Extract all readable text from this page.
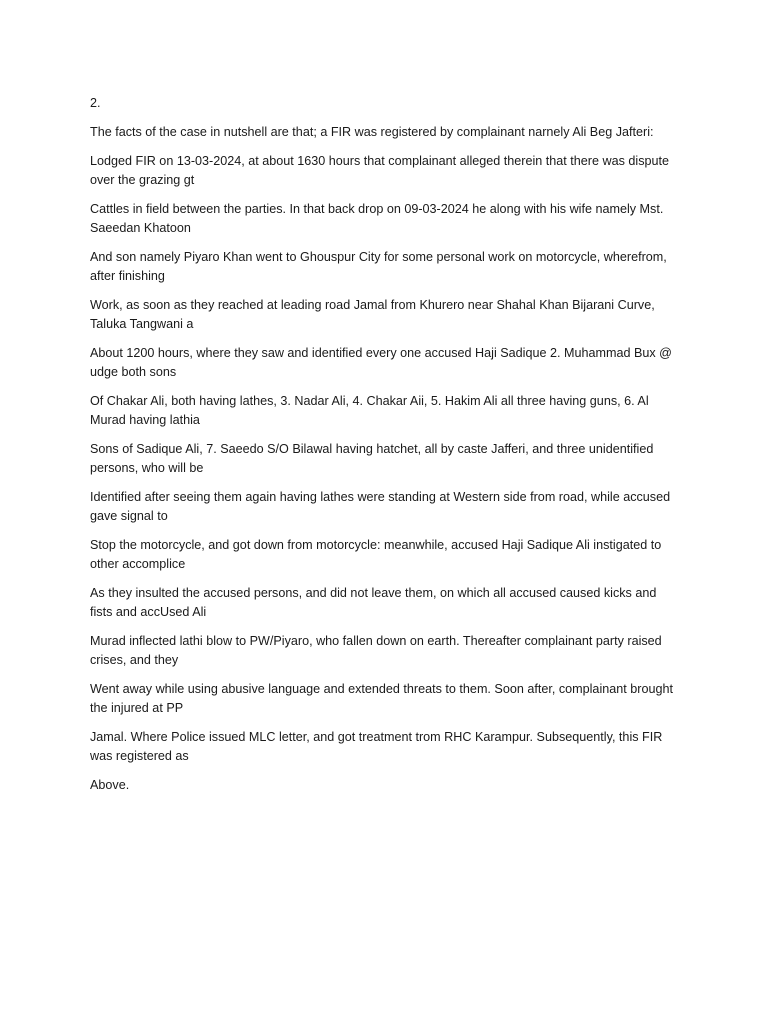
2.

The facts of the case in nutshell are that; a FIR was registered by complainant narnely Ali Beg Jafteri:

Lodged FIR on 13-03-2024, at about 1630 hours that complainant alleged therein that there was dispute over the grazing gt

Cattles in field between the parties. In that back drop on 09-03-2024 he along with his wife namely Mst. Saeedan Khatoon

And son namely Piyaro Khan went to Ghouspur City for some personal work on motorcycle, wherefrom, after finishing

Work, as soon as they reached at leading road Jamal from Khurero near Shahal Khan Bijarani Curve, Taluka Tangwani a

About 1200 hours, where they saw and identified every one accused Haji Sadique 2. Muhammad Bux @ udge both sons

Of Chakar Ali, both having lathes, 3. Nadar Ali, 4. Chakar Aii, 5. Hakim Ali all three having guns, 6. Al Murad having lathia

Sons of Sadique Ali, 7. Saeedo S/O Bilawal having hatchet, all by caste Jafferi, and three unidentified persons, who will be

Identified after seeing them again having lathes were standing at Western side from road, while accused gave signal to

Stop the motorcycle, and got down from motorcycle: meanwhile, accused Haji Sadique Ali instigated to other accomplice

As they insulted the accused persons, and did not leave them, on which all accused caused kicks and fists and accUsed Ali

Murad inflected lathi blow to PW/Piyaro, who fallen down on earth. Thereafter complainant party raised crises, and they

Went away while using abusive language and extended threats to them. Soon after, complainant brought the injured at PP

Jamal. Where Police issued MLC letter, and got treatment trom RHC Karampur. Subsequently, this FIR was registered as

Above.
